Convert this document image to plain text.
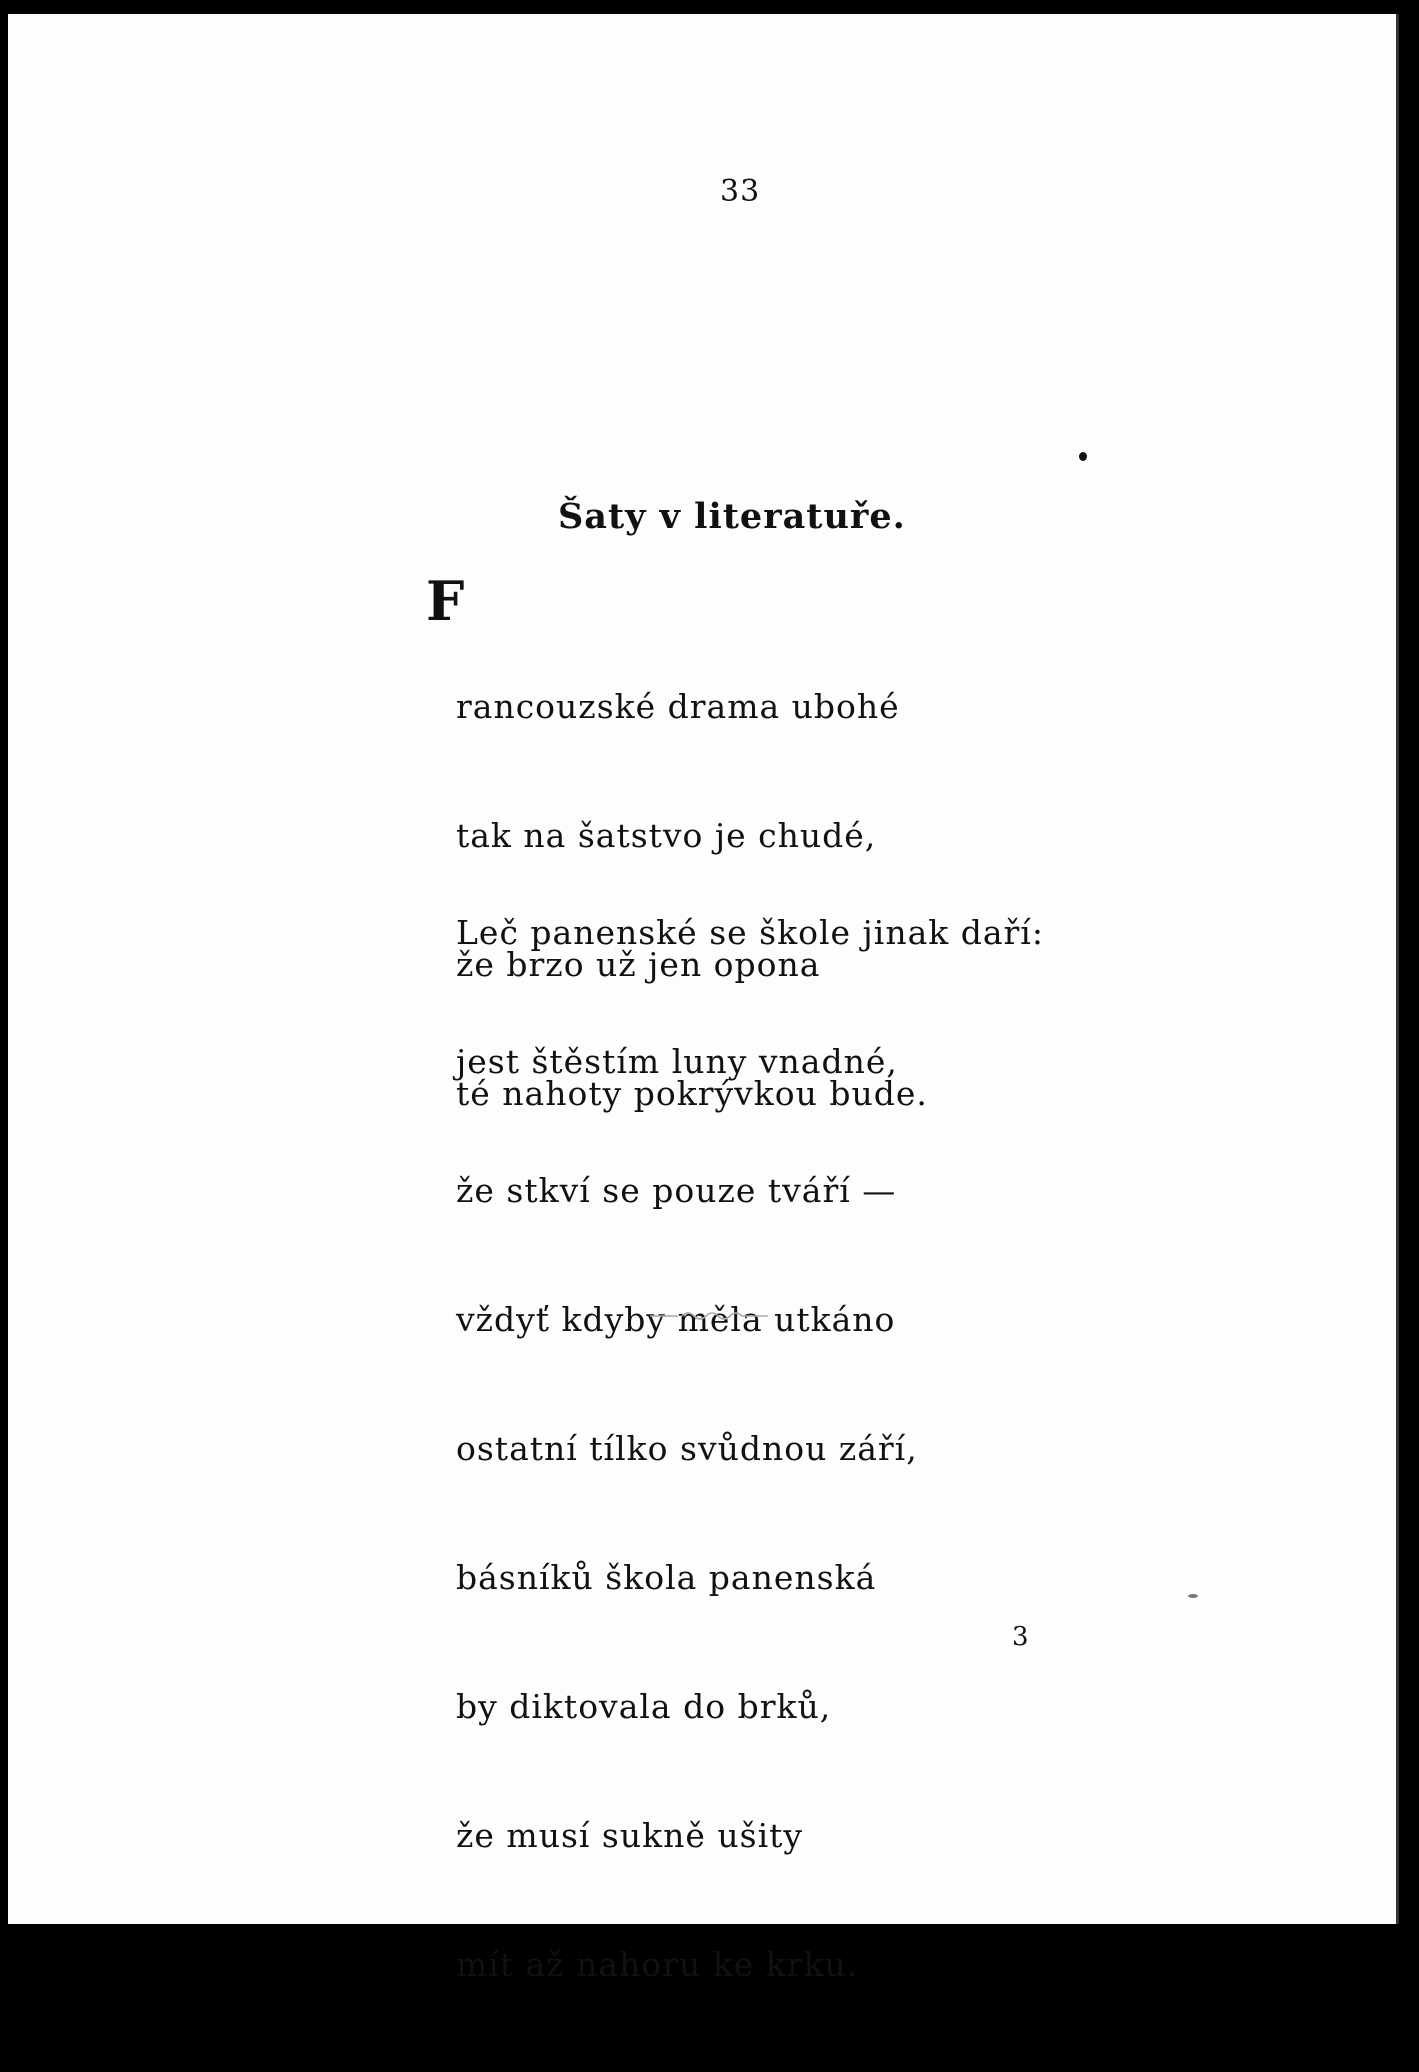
33
Šaty v literatuře.
F

rancouzské drama ubohé

tak na šatstvo je chudé,

že brzo už jen opona

té nahoty pokrývkou bude.

Leč panenské se škole jinak daří:

jest štěstím luny vnadné,

že stkví se pouze tváří —

vždyť kdyby měla utkáno

ostatní tílko svůdnou září,

básníků škola panenská

by diktovala do brků,

že musí sukně ušity

mít až nahoru ke krku.

3
